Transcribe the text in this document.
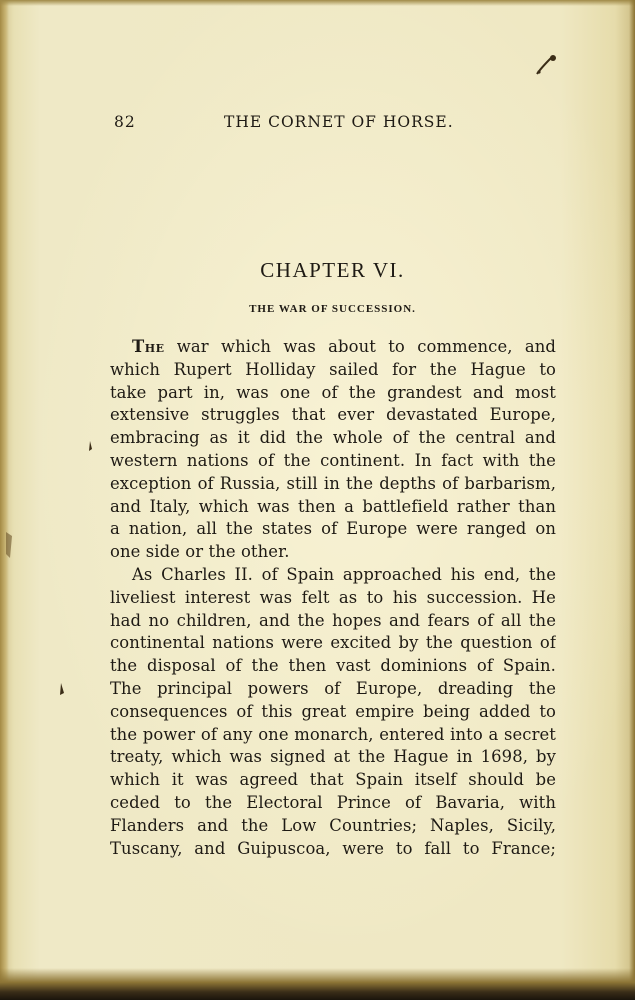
82	THE CORNET OF HORSE.
CHAPTER VI.
THE WAR OF SUCCESSION.
The war which was about to commence, and
which Rupert Holliday sailed for the Hague to
take part in, was one of the grandest and most
extensive struggles that ever devastated Europe,
embracing as it did the whole of the central and
western nations of the continent. In fact with the
exception of Russia, still in the depths of barbarism,
and Italy, which was then a battlefield rather than
a nation, all the states of Europe were ranged on
one side or the other.
As Charles II. of Spain approached his end, the
liveliest interest was felt as to his succession. He
had no children, and the hopes and fears of all the
continental nations were excited by the question of
the disposal of the then vast dominions of Spain.
The principal powers of Europe, dreading the
consequences of this great empire being added to
the power of any one monarch, entered into a secret
treaty, which was signed at the Hague in 1698, by
which it was agreed that Spain itself should be
ceded to the Electoral Prince of Bavaria, with
Flanders and the Low Countries; Naples, Sicily,
Tuscany, and Guipuscoa, were to fall to France;
